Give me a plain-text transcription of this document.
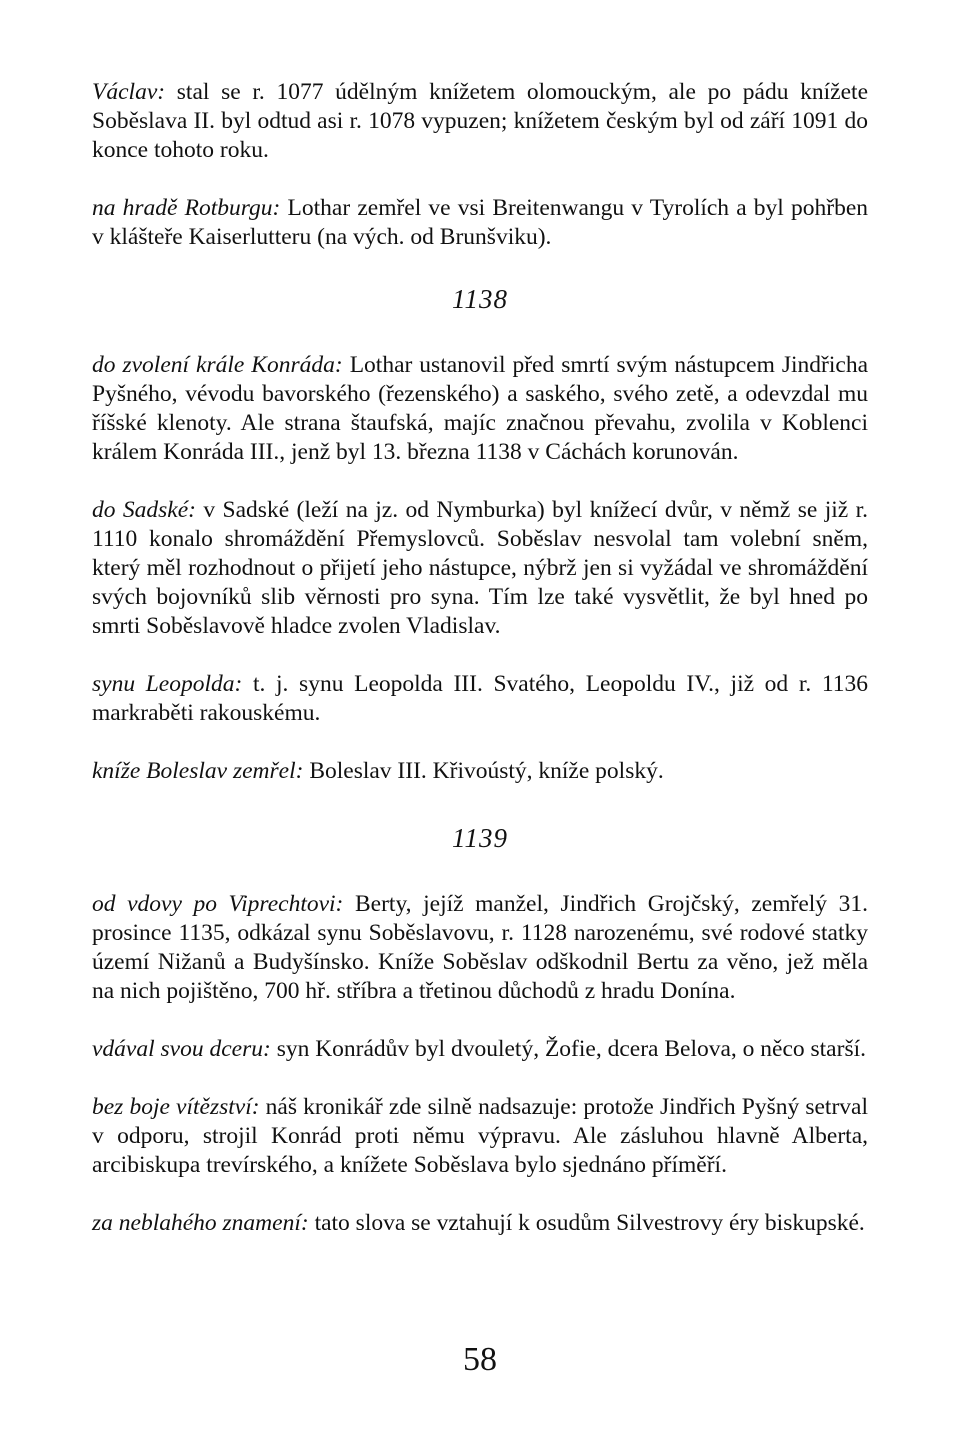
Václav: stal se r. 1077 údělným knížetem olomouckým, ale po pádu knížete Soběslava II. byl odtud asi r. 1078 vypuzen; knížetem českým byl od září 1091 do konce tohoto roku.

na hradě Rotburgu: Lothar zemřel ve vsi Breitenwangu v Tyrolích a byl pohřben v klášteře Kaiserlutteru (na vých. od Brunšviku).

1138

do zvolení krále Konráda: Lothar ustanovil před smrtí svým nástupcem Jindřicha Pyšného, vévodu bavorského (řezenského) a saského, svého zetě, a odevzdal mu říšské klenoty. Ale strana štaufská, majíc značnou převahu, zvolila v Koblenci králem Konráda III., jenž byl 13. března 1138 v Cáchách korunován.

do Sadské: v Sadské (leží na jz. od Nymburka) byl knížecí dvůr, v němž se již r. 1110 konalo shromáždění Přemyslovců. Soběslav nesvolal tam volební sněm, který měl rozhodnout o přijetí jeho nástupce, nýbrž jen si vyžádal ve shromáždění svých bojovníků slib věrnosti pro syna. Tím lze také vysvětlit, že byl hned po smrti Soběslavově hladce zvolen Vladislav.

synu Leopolda: t. j. synu Leopolda III. Svatého, Leopoldu IV., již od r. 1136 markraběti rakouskému.

kníže Boleslav zemřel: Boleslav III. Křivoústý, kníže polský.

1139

od vdovy po Viprechtovi: Berty, jejíž manžel, Jindřich Grojčský, zemřelý 31. prosince 1135, odkázal synu Soběslavovu, r. 1128 narozenému, své rodové statky území Nižanů a Budyšínsko. Kníže Soběslav odškodnil Bertu za věno, jež měla na nich pojištěno, 700 hř. stříbra a třetinou důchodů z hradu Donína.

vdával svou dceru: syn Konrádův byl dvouletý, Žofie, dcera Belova, o něco starší.

bez boje vítězství: náš kronikář zde silně nadsazuje: protože Jindřich Pyšný setrval v odporu, strojil Konrád proti němu výpravu. Ale zásluhou hlavně Alberta, arcibiskupa trevírského, a knížete Soběslava bylo sjednáno příměří.

za neblahého znamení: tato slova se vztahují k osudům Silvestrovy éry biskupské.

58
